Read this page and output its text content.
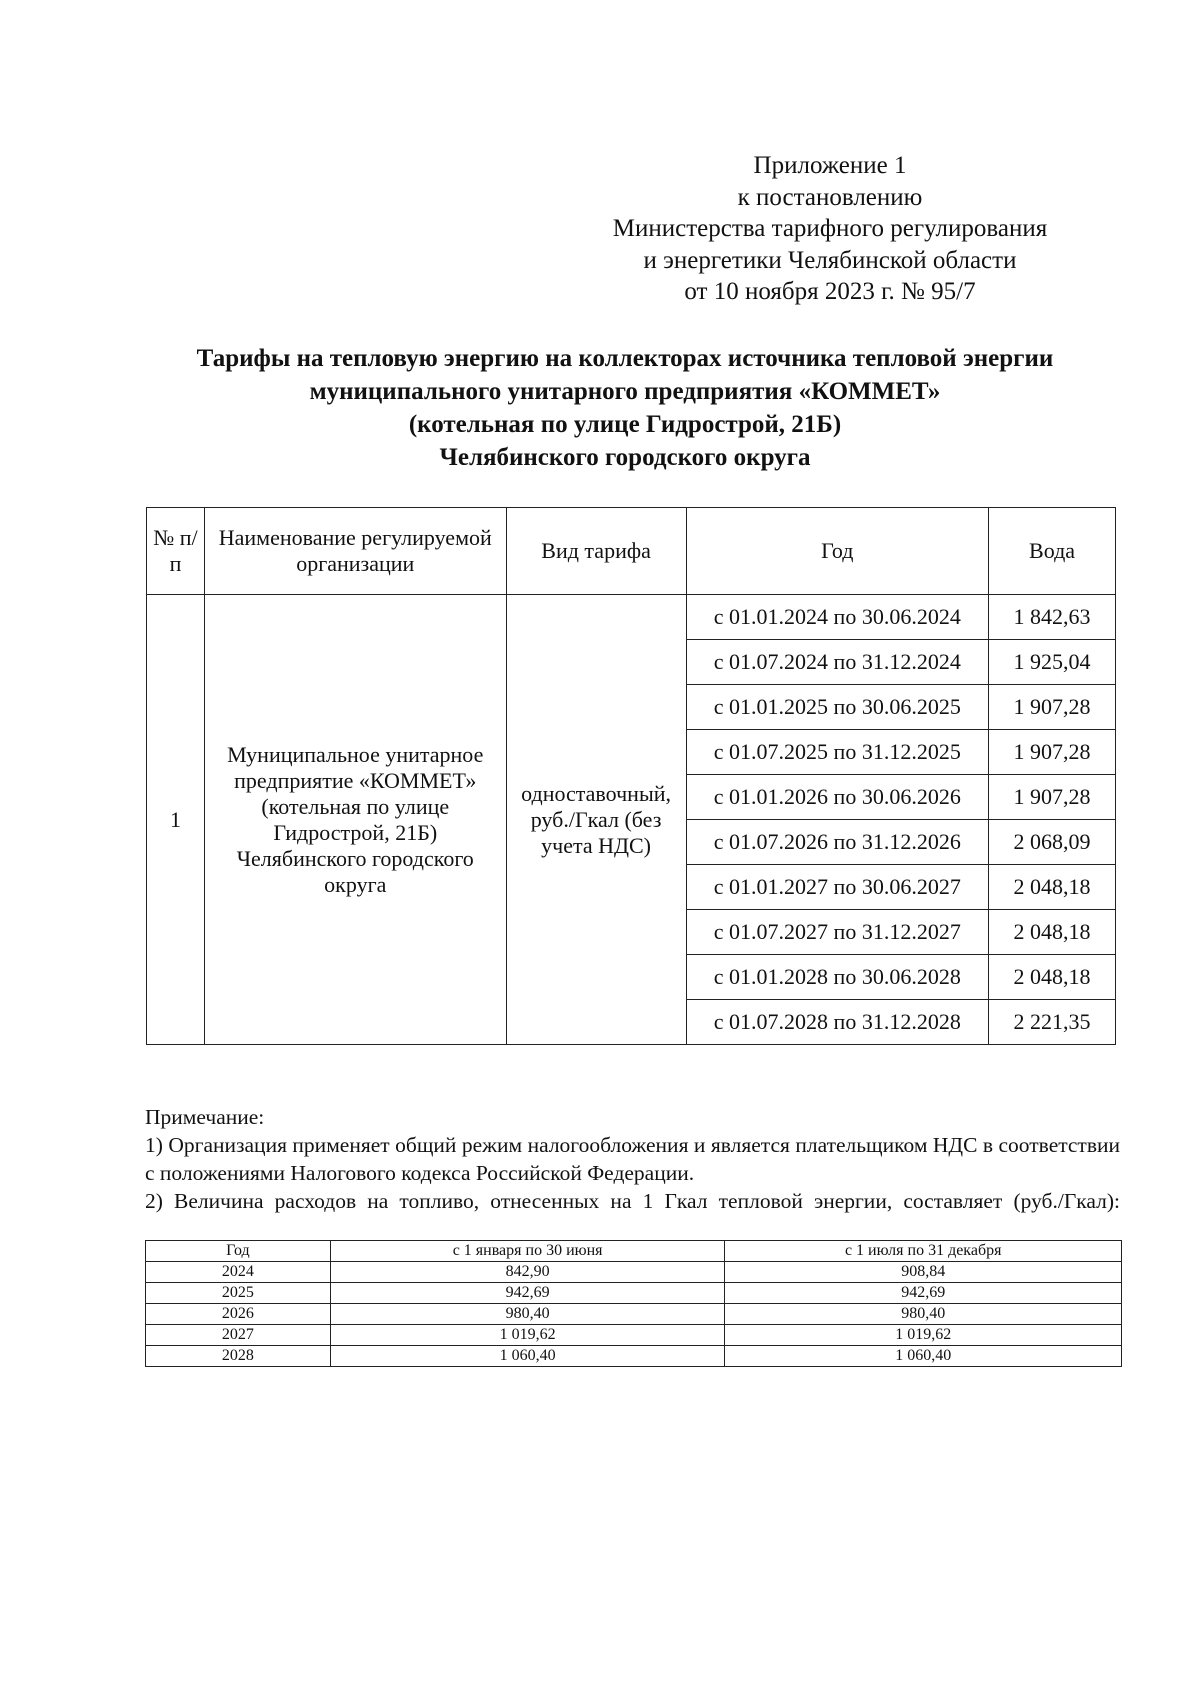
Приложение 1
к постановлению
Министерства тарифного регулирования
и энергетики Челябинской области
от 10 ноября 2023 г. № 95/7
Тарифы на тепловую энергию на коллекторах источника тепловой энергии
муниципального унитарного предприятия «КОММЕТ»
(котельная по улице Гидрострой, 21Б)
Челябинского городского округа
№ п/п	Наименование регулируемой организации	Вид тарифа	Год	Вода
1	Муниципальное унитарное предприятие «КОММЕТ» (котельная по улице Гидрострой, 21Б) Челябинского городского округа	одноставочный, руб./Гкал (без учета НДС)	с 01.01.2024 по 30.06.2024	1 842,63
			с 01.07.2024 по 31.12.2024	1 925,04
			с 01.01.2025 по 30.06.2025	1 907,28
			с 01.07.2025 по 31.12.2025	1 907,28
			с 01.01.2026 по 30.06.2026	1 907,28
			с 01.07.2026 по 31.12.2026	2 068,09
			с 01.01.2027 по 30.06.2027	2 048,18
			с 01.07.2027 по 31.12.2027	2 048,18
			с 01.01.2028 по 30.06.2028	2 048,18
			с 01.07.2028 по 31.12.2028	2 221,35

Примечание:

1) Организация применяет общий режим налогообложения и является плательщиком НДС в соответствии с положениями Налогового кодекса Российской Федерации.

2) Величина расходов на топливо, отнесенных на 1 Гкал тепловой энергии, составляет (руб./Гкал):

Год	с 1 января по 30 июня	с 1 июля по 31 декабря
2024	842,90	908,84
2025	942,69	942,69
2026	980,40	980,40
2027	1 019,62	1 019,62
2028	1 060,40	1 060,40
